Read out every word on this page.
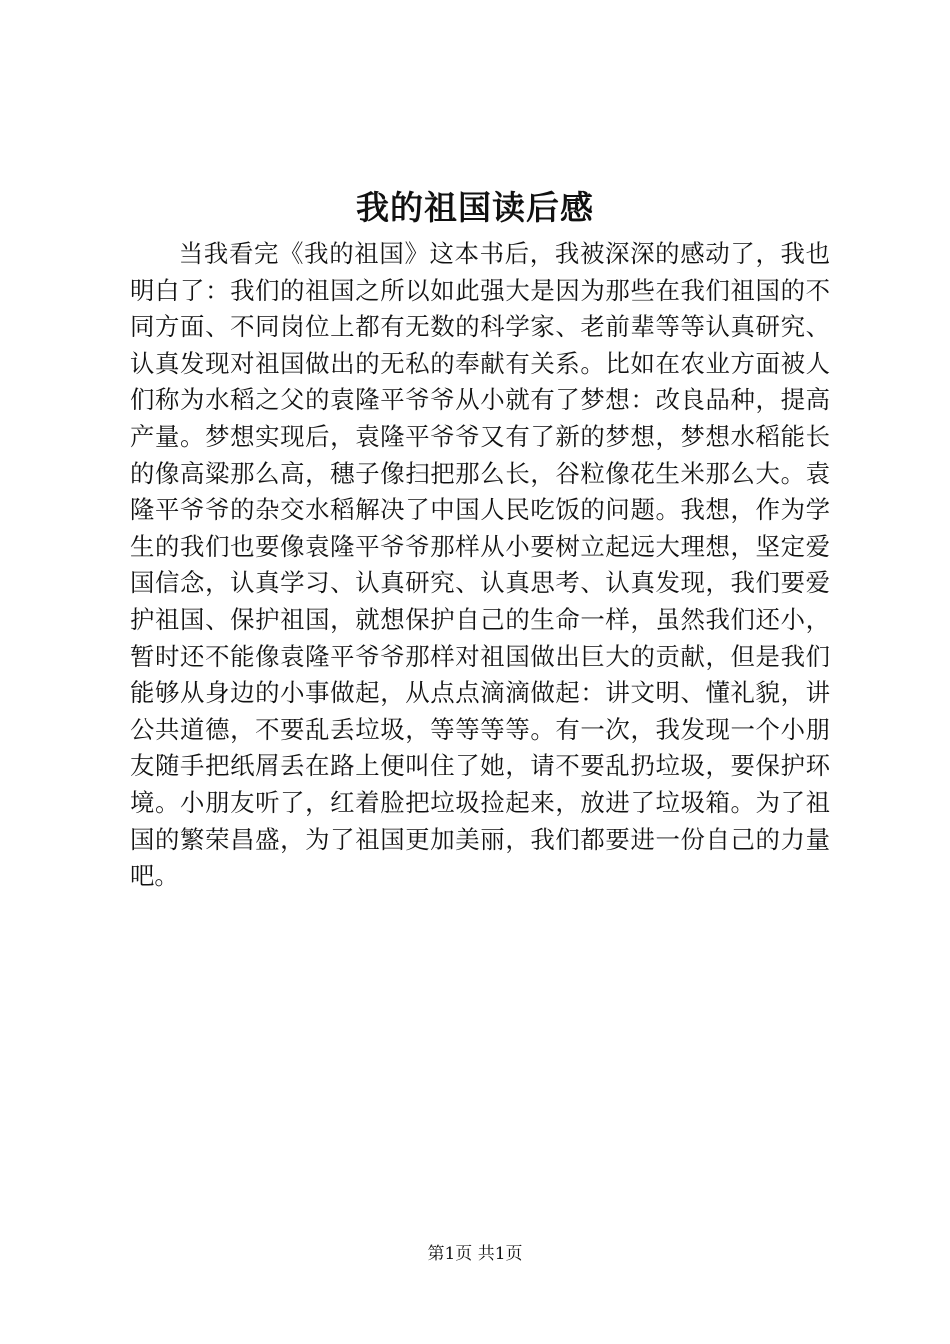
我的祖国读后感

当我看完《我的祖国》这本书后，我被深深的感动了，我也明白了：我们的祖国之所以如此强大是因为那些在我们祖国的不同方面、不同岗位上都有无数的科学家、老前辈等等认真研究、认真发现对祖国做出的无私的奉献有关系。比如在农业方面被人们称为水稻之父的袁隆平爷爷从小就有了梦想：改良品种，提高产量。梦想实现后，袁隆平爷爷又有了新的梦想，梦想水稻能长的像高粱那么高，穗子像扫把那么长，谷粒像花生米那么大。袁隆平爷爷的杂交水稻解决了中国人民吃饭的问题。我想，作为学生的我们也要像袁隆平爷爷那样从小要树立起远大理想，坚定爱国信念，认真学习、认真研究、认真思考、认真发现，我们要爱护祖国、保护祖国，就想保护自己的生命一样，虽然我们还小，暂时还不能像袁隆平爷爷那样对祖国做出巨大的贡献，但是我们能够从身边的小事做起，从点点滴滴做起：讲文明、懂礼貌，讲公共道德，不要乱丢垃圾，等等等等。有一次，我发现一个小朋友随手把纸屑丢在路上便叫住了她，请不要乱扔垃圾，要保护环境。小朋友听了，红着脸把垃圾捡起来，放进了垃圾箱。为了祖国的繁荣昌盛，为了祖国更加美丽，我们都要进一份自己的力量吧。

第1页 共1页
